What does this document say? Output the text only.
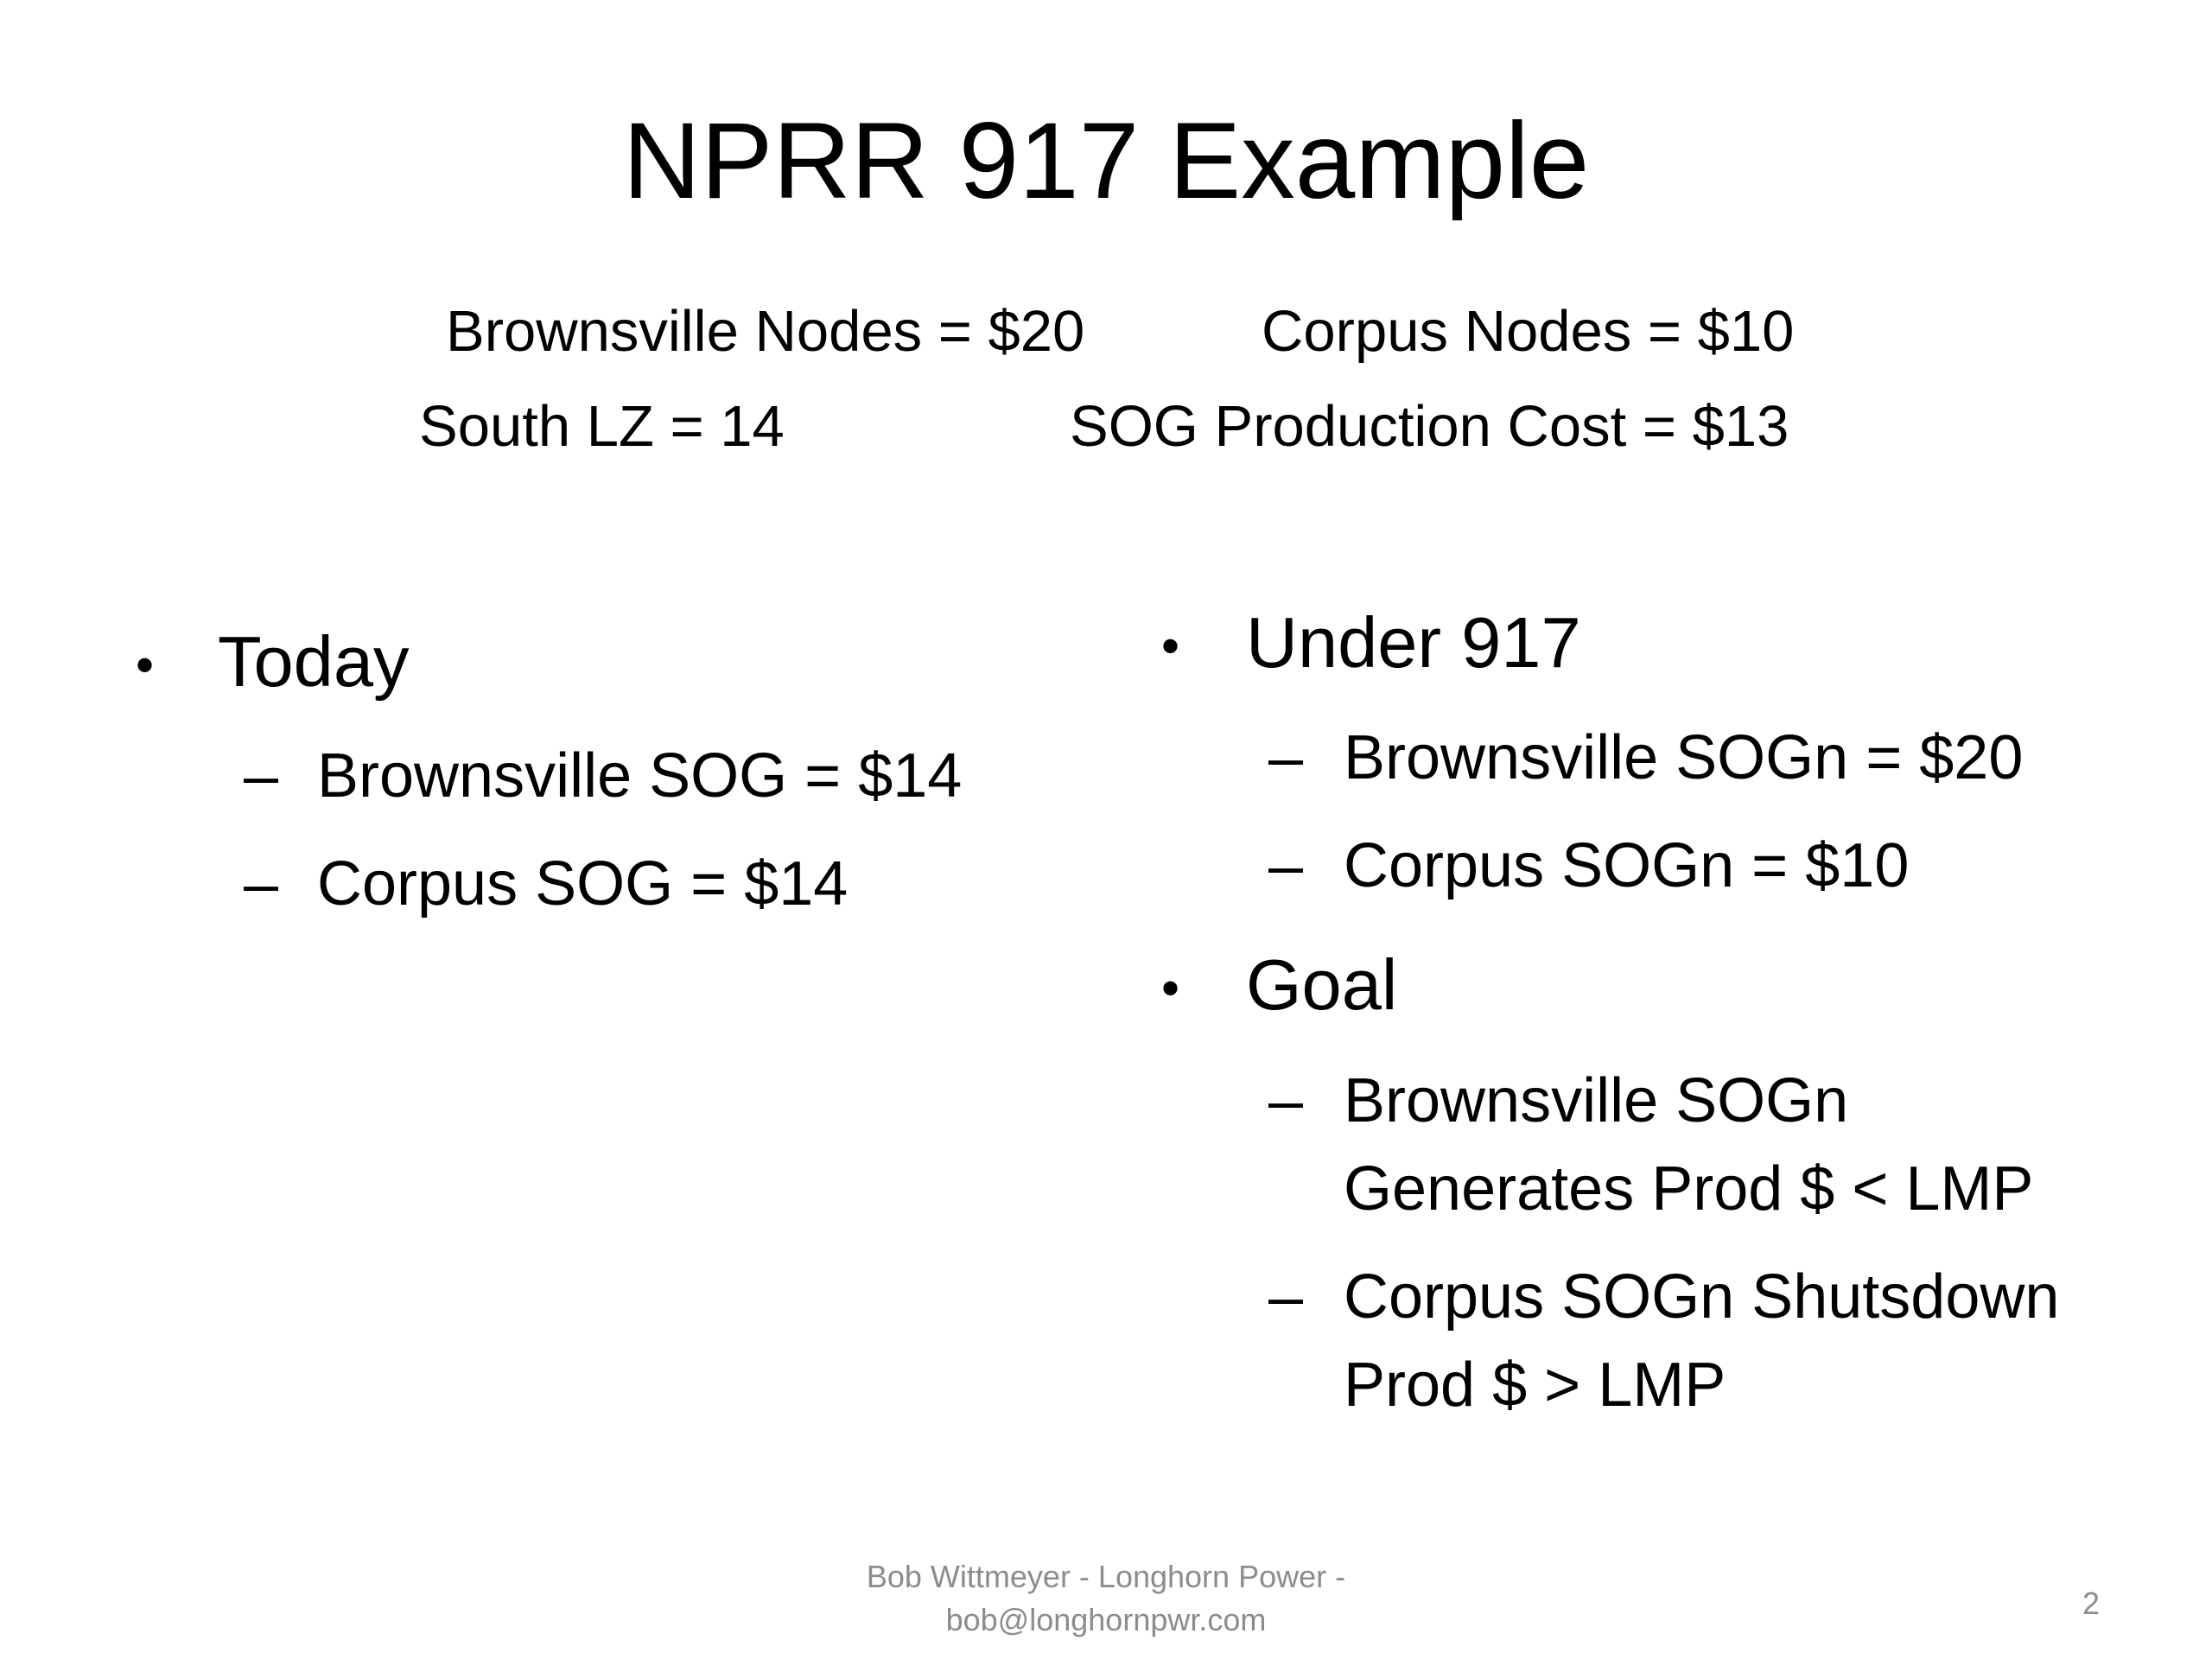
NPRR 917 Example
Brownsville Nodes = $20	Corpus Nodes = $10
South LZ = 14	SOG Production Cost = $13
• Today
– Brownsville SOG = $14
– Corpus SOG = $14
• Under 917
– Brownsville SOGn = $20
– Corpus SOGn = $10
• Goal
– Brownsville SOGn
Generates Prod $ < LMP
– Corpus SOGn Shutsdown
Prod $ > LMP
Bob Wittmeyer - Longhorn Power -
bob@longhornpwr.com	2
